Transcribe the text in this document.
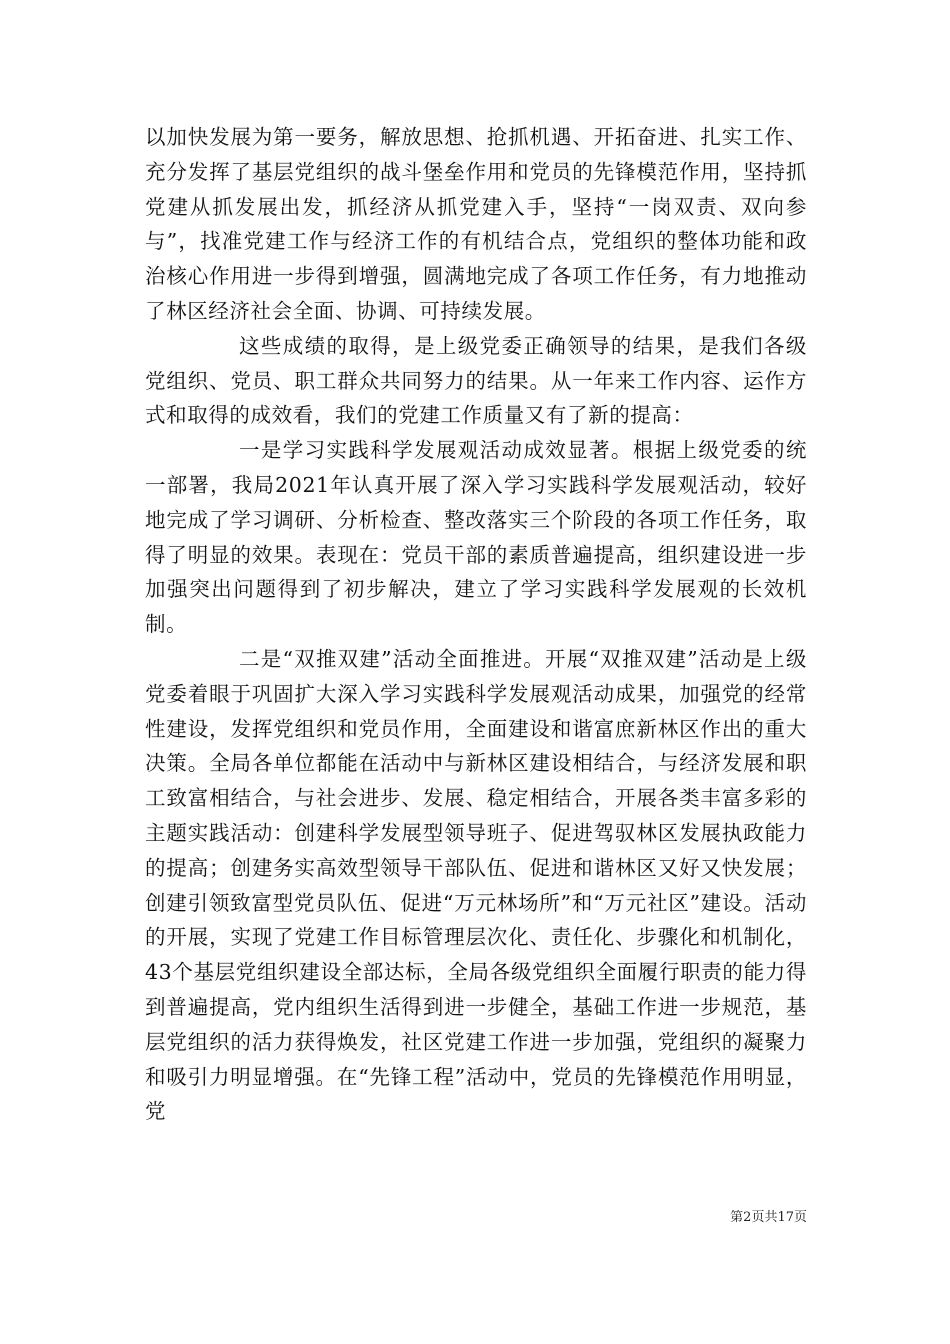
以加快发展为第一要务，解放思想、抢抓机遇、开拓奋进、扎实工作、充分发挥了基层党组织的战斗堡垒作用和党员的先锋模范作用，坚持抓党建从抓发展出发，抓经济从抓党建入手，坚持“一岗双责、双向参与”，找准党建工作与经济工作的有机结合点，党组织的整体功能和政治核心作用进一步得到增强，圆满地完成了各项工作任务，有力地推动了林区经济社会全面、协调、可持续发展。

这些成绩的取得，是上级党委正确领导的结果，是我们各级党组织、党员、职工群众共同努力的结果。从一年来工作内容、运作方式和取得的成效看，我们的党建工作质量又有了新的提高：

一是学习实践科学发展观活动成效显著。根据上级党委的统一部署，我局2021年认真开展了深入学习实践科学发展观活动，较好地完成了学习调研、分析检查、整改落实三个阶段的各项工作任务，取得了明显的效果。表现在：党员干部的素质普遍提高，组织建设进一步加强突出问题得到了初步解决，建立了学习实践科学发展观的长效机制。

二是“双推双建”活动全面推进。开展“双推双建”活动是上级党委着眼于巩固扩大深入学习实践科学发展观活动成果，加强党的经常性建设，发挥党组织和党员作用，全面建设和谐富庶新林区作出的重大决策。全局各单位都能在活动中与新林区建设相结合，与经济发展和职工致富相结合，与社会进步、发展、稳定相结合，开展各类丰富多彩的主题实践活动：创建科学发展型领导班子、促进驾驭林区发展执政能力的提高；创建务实高效型领导干部队伍、促进和谐林区又好又快发展；创建引领致富型党员队伍、促进“万元林场所”和“万元社区”建设。活动的开展，实现了党建工作目标管理层次化、责任化、步骤化和机制化，43个基层党组织建设全部达标，全局各级党组织全面履行职责的能力得到普遍提高，党内组织生活得到进一步健全，基础工作进一步规范，基层党组织的活力获得焕发，社区党建工作进一步加强，党组织的凝聚力和吸引力明显增强。在“先锋工程”活动中，党员的先锋模范作用明显，党

第2页共17页
